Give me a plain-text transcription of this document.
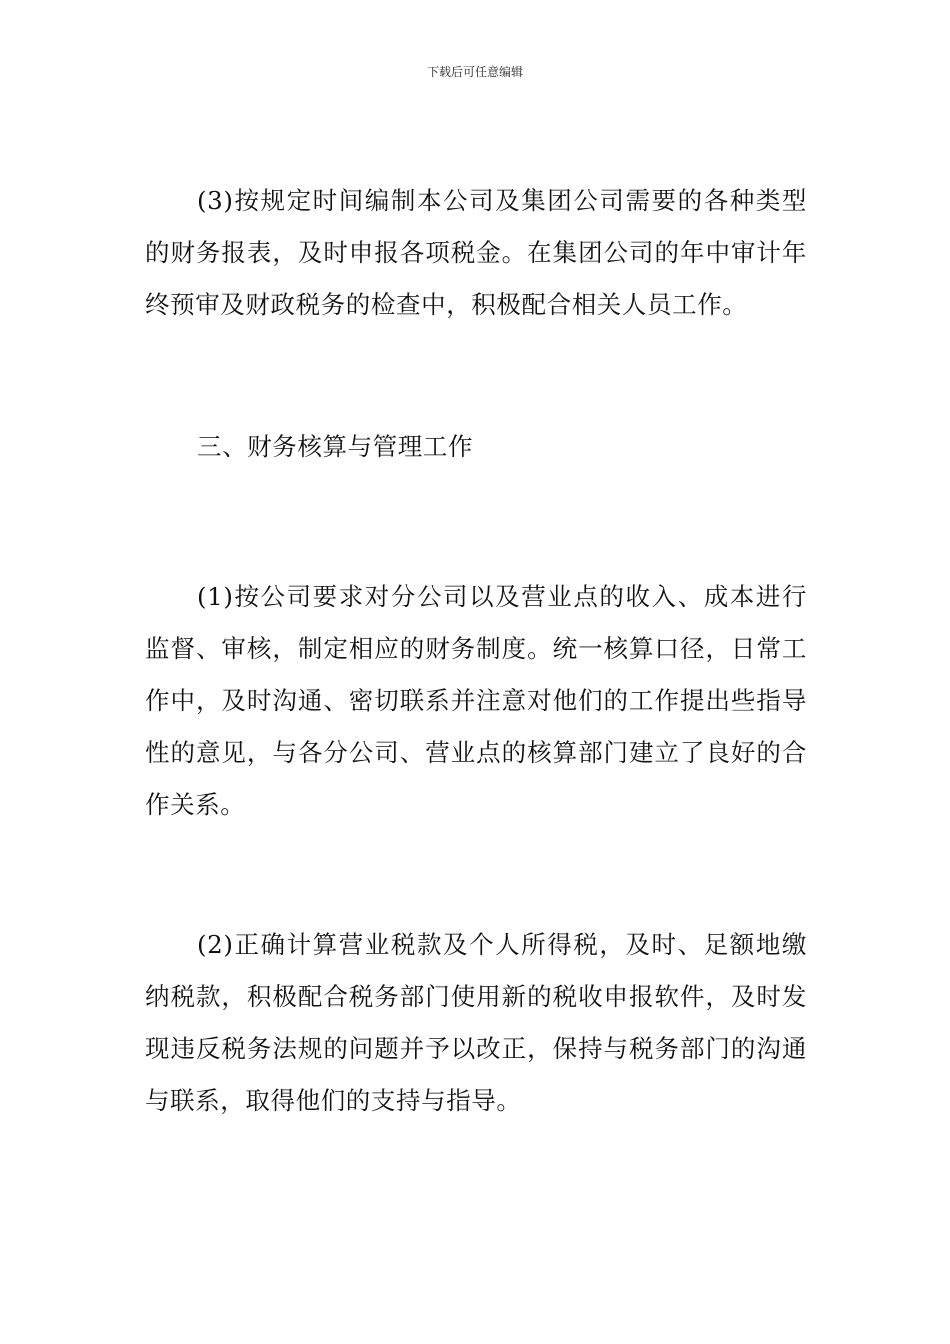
下载后可任意编辑

(3)按规定时间编制本公司及集团公司需要的各种类型的财务报表，及时申报各项税金。在集团公司的年中审计年终预审及财政税务的检查中，积极配合相关人员工作。

三、财务核算与管理工作

(1)按公司要求对分公司以及营业点的收入、成本进行监督、审核，制定相应的财务制度。统一核算口径，日常工作中，及时沟通、密切联系并注意对他们的工作提出些指导性的意见，与各分公司、营业点的核算部门建立了良好的合作关系。

(2)正确计算营业税款及个人所得税，及时、足额地缴纳税款，积极配合税务部门使用新的税收申报软件，及时发现违反税务法规的问题并予以改正，保持与税务部门的沟通与联系，取得他们的支持与指导。
